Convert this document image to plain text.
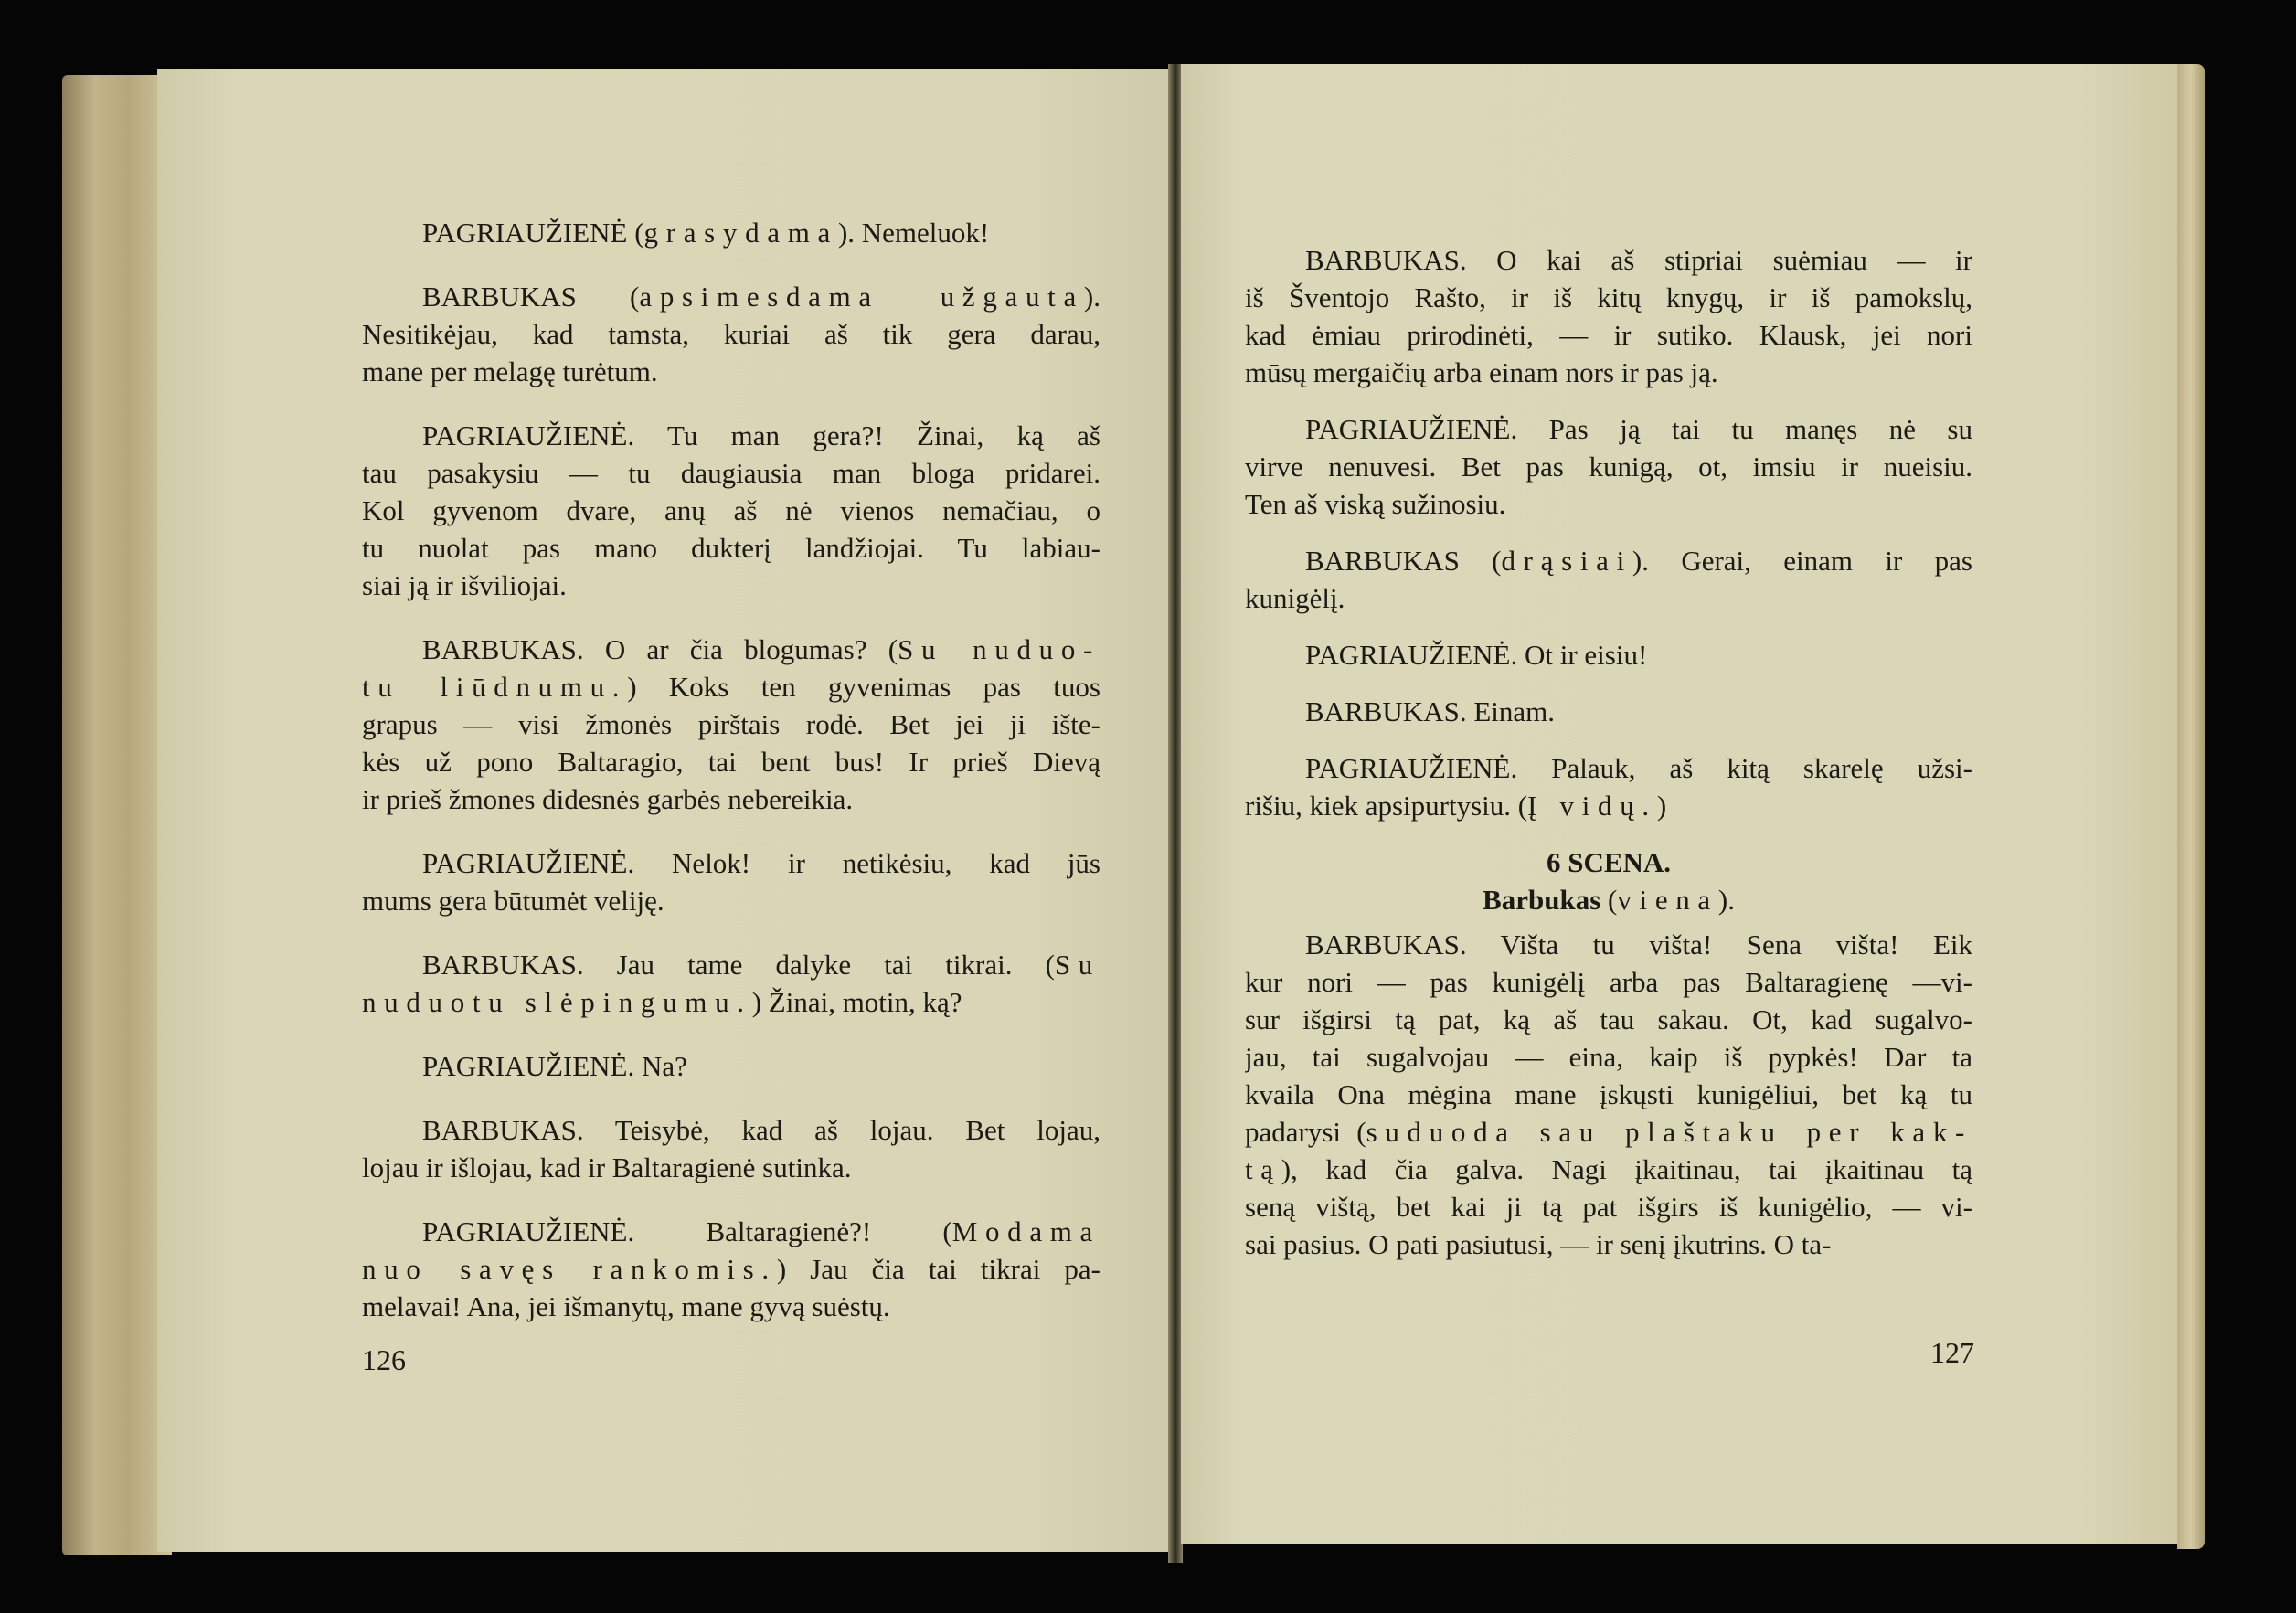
PAGRIAUŽIENĖ (grasydama). Nemeluok!
BARBUKAS (apsimesdama užgauta).
Nesitikėjau, kad tamsta, kuriai aš tik gera darau,
mane per melagę turėtum.
PAGRIAUŽIENĖ. Tu man gera?! Žinai, ką aš
tau pasakysiu — tu daugiausia man bloga pridarei.
Kol gyvenom dvare, anų aš nė vienos nemačiau, o
tu nuolat pas mano dukterį landžiojai. Tu labiau-
siai ją ir išviliojai.
BARBUKAS. O ar čia blogumas? (Su nuduo-
tu liūdnumu.) Koks ten gyvenimas pas tuos
grapus — visi žmonės pirštais rodė. Bet jei ji ište-
kės už pono Baltaragio, tai bent bus! Ir prieš Dievą
ir prieš žmones didesnės garbės nebereikia.
PAGRIAUŽIENĖ. Nelok! ir netikėsiu, kad jūs
mums gera būtumėt veliję.
BARBUKAS. Jau tame dalyke tai tikrai. (Su
nuduotu slėpingumu.) Žinai, motin, ką?
PAGRIAUŽIENĖ. Na?
BARBUKAS. Teisybė, kad aš lojau. Bet lojau,
lojau ir išlojau, kad ir Baltaragienė sutinka.
PAGRIAUŽIENĖ. Baltaragienė?! (Modama
nuo savęs rankomis.) Jau čia tai tikrai pa-
melavai! Ana, jei išmanytų, mane gyvą suėstų.
126
BARBUKAS. O kai aš stipriai suėmiau — ir
iš Šventojo Rašto, ir iš kitų knygų, ir iš pamokslų,
kad ėmiau prirodinėti, — ir sutiko. Klausk, jei nori
mūsų mergaičių arba einam nors ir pas ją.
PAGRIAUŽIENĖ. Pas ją tai tu manęs nė su
virve nenuvesi. Bet pas kunigą, ot, imsiu ir nueisiu.
Ten aš viską sužinosiu.
BARBUKAS (drąsiai). Gerai, einam ir pas
kunigėlį.
PAGRIAUŽIENĖ. Ot ir eisiu!
BARBUKAS. Einam.
PAGRIAUŽIENĖ. Palauk, aš kitą skarelę užsi-
rišiu, kiek apsipurtysiu. (Į vidų.)
6 SCENA.
Barbukas (viena).
BARBUKAS. Višta tu višta! Sena višta! Eik
kur nori — pas kunigėlį arba pas Baltaragienę —vi-
sur išgirsi tą pat, ką aš tau sakau. Ot, kad sugalvo-
jau, tai sugalvojau — eina, kaip iš pypkės! Dar ta
kvaila Ona mėgina mane įskųsti kunigėliui, bet ką tu
padarysi (suduoda sau plaštaku per kak-
tą), kad čia galva. Nagi įkaitinau, tai įkaitinau tą
seną vištą, bet kai ji tą pat išgirs iš kunigėlio, — vi-
sai pasius. O pati pasiutusi, — ir senį įkutrins. O ta-
127
